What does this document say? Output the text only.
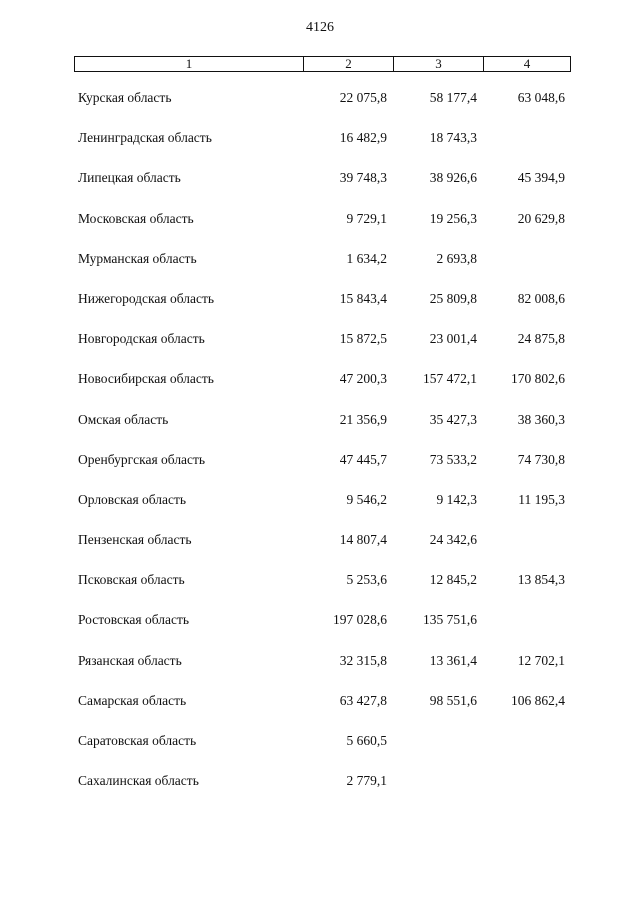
4126
1	2	3	4
Курская область	22 075,8	58 177,4	63 048,6
Ленинградская область	16 482,9	18 743,3
Липецкая область	39 748,3	38 926,6	45 394,9
Московская область	9 729,1	19 256,3	20 629,8
Мурманская область	1 634,2	2 693,8
Нижегородская область	15 843,4	25 809,8	82 008,6
Новгородская область	15 872,5	23 001,4	24 875,8
Новосибирская область	47 200,3	157 472,1	170 802,6
Омская область	21 356,9	35 427,3	38 360,3
Оренбургская область	47 445,7	73 533,2	74 730,8
Орловская область	9 546,2	9 142,3	11 195,3
Пензенская область	14 807,4	24 342,6
Псковская область	5 253,6	12 845,2	13 854,3
Ростовская область	197 028,6	135 751,6
Рязанская область	32 315,8	13 361,4	12 702,1
Самарская область	63 427,8	98 551,6	106 862,4
Саратовская область	5 660,5
Сахалинская область	2 779,1
